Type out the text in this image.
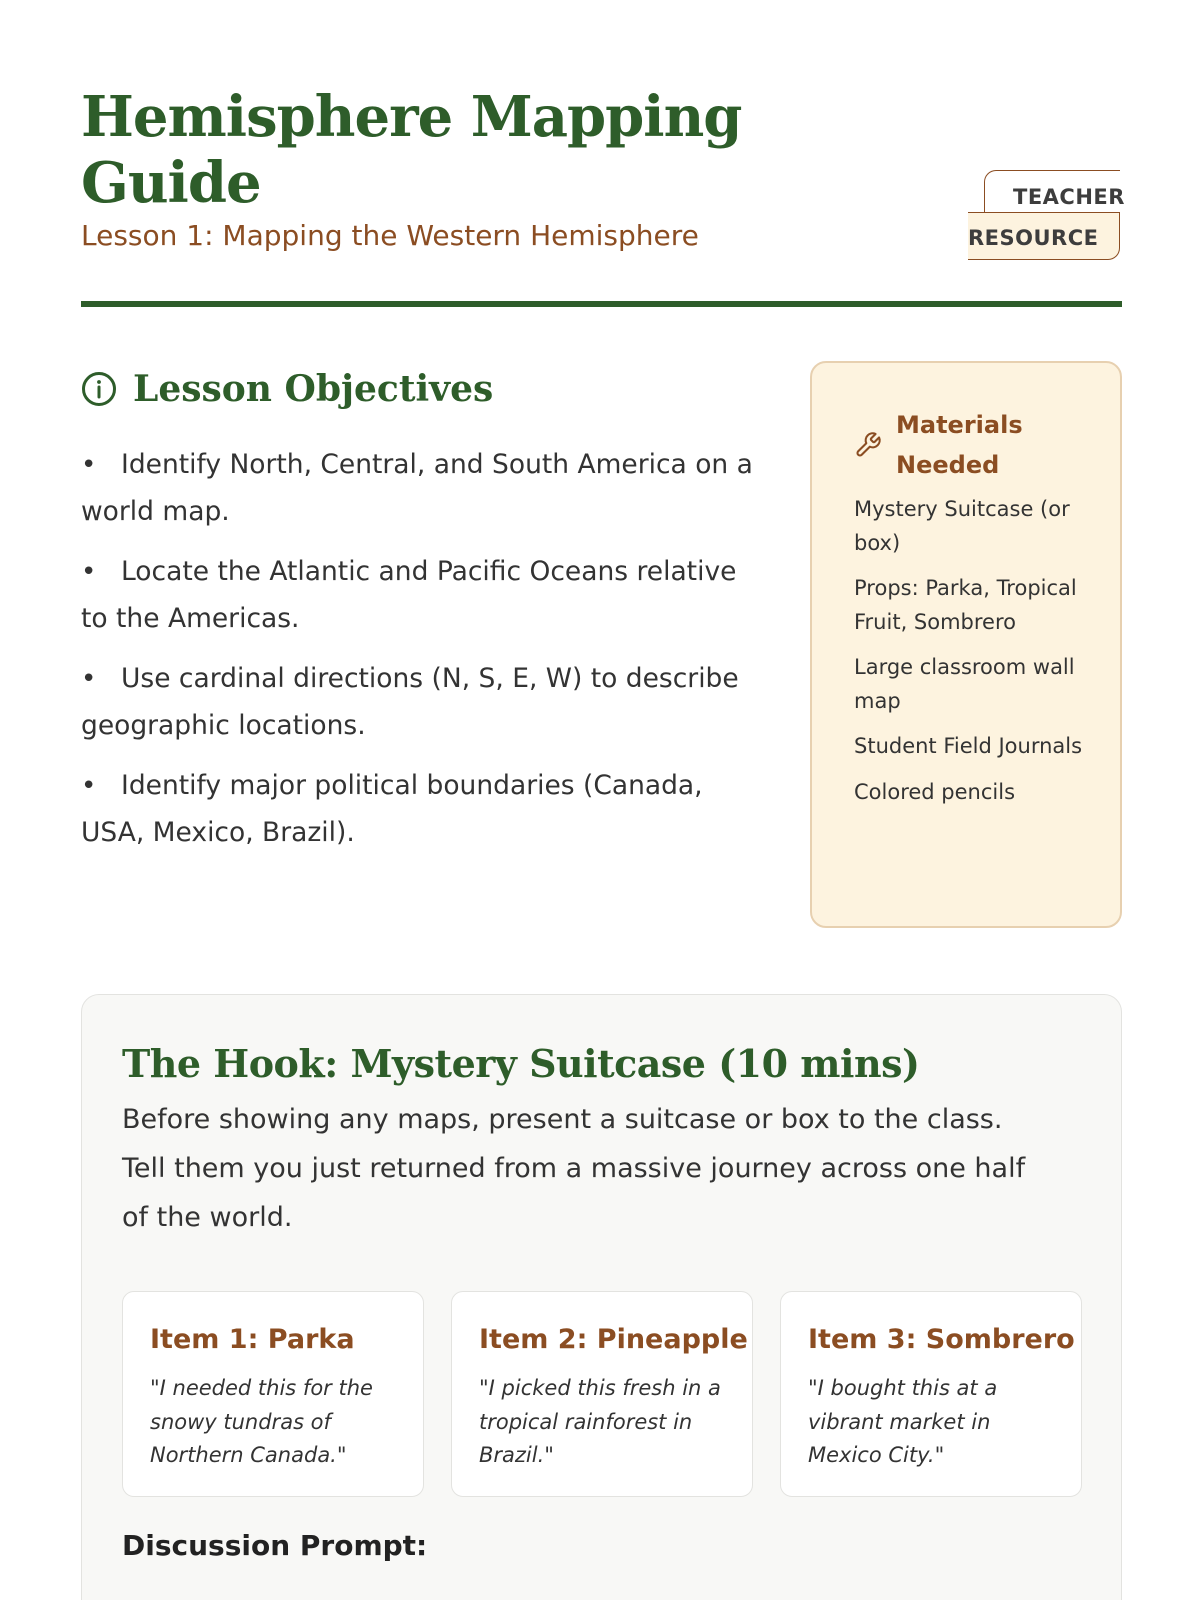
Hemisphere Mapping Guide

Lesson 1: Mapping the Western Hemisphere

TEACHER
RESOURCE
Lesson Objectives
• Identify North, Central, and South America on a world map.
• Locate the Atlantic and Pacific Oceans relative to the Americas.
• Use cardinal directions (N, S, E, W) to describe geographic locations.
• Identify major political boundaries (Canada, USA, Mexico, Brazil).
Materials Needed
Mystery Suitcase (or box)
Props: Parka, Tropical Fruit, Sombrero
Large classroom wall map
Student Field Journals
Colored pencils
The Hook: Mystery Suitcase (10 mins)

Before showing any maps, present a suitcase or box to the class. Tell them you just returned from a massive journey across one half of the world.

Item 1: Parka

"I needed this for the snowy tundras of Northern Canada."

Item 2: Pineapple

"I picked this fresh in a tropical rainforest in Brazil."

Item 3: Sombrero

"I bought this at a vibrant market in Mexico City."

Discussion Prompt:
